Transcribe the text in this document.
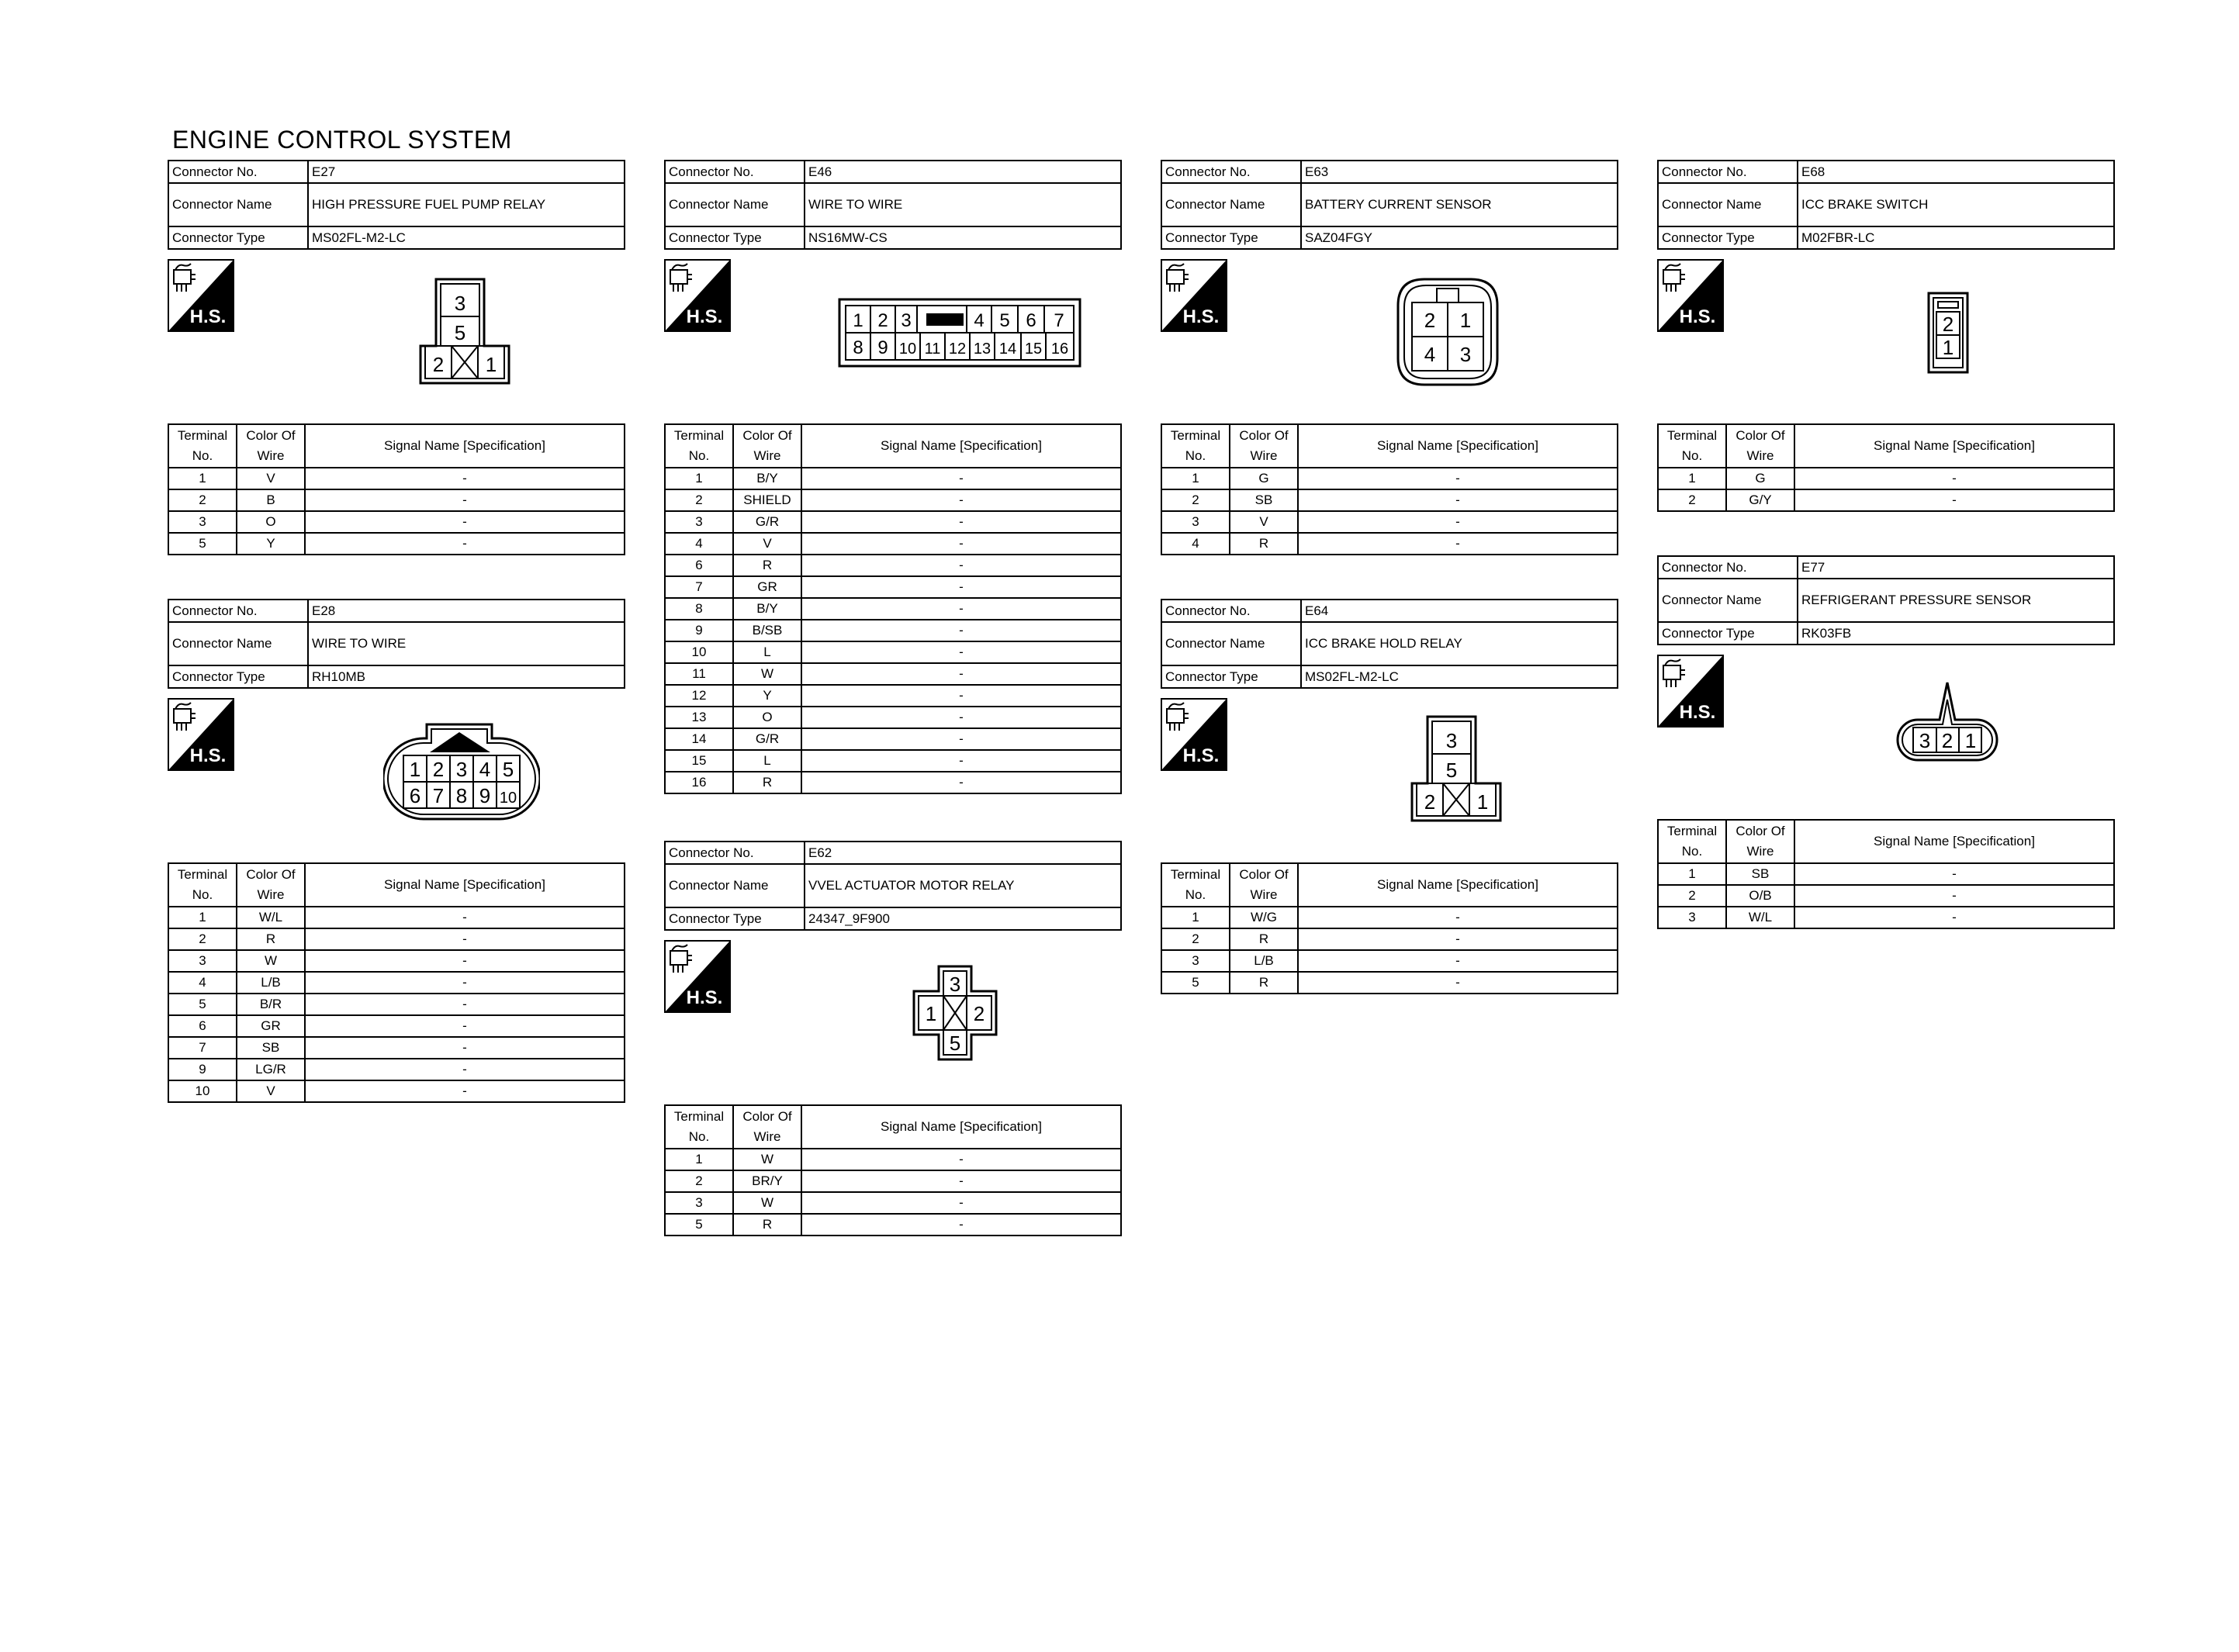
ENGINE CONTROL SYSTEM
Connector No.	E27
Connector Name	HIGH PRESSURE FUEL PUMP RELAY
Connector Type	MS02FL-M2-LC
Terminal No.	Color Of Wire	Signal Name [Specification]
1	V	-
2	B	-
3	O	-
5	Y	-
Connector No.	E28
Connector Name	WIRE TO WIRE
Connector Type	RH10MB
Terminal No.	Color Of Wire	Signal Name [Specification]
1	W/L	-
2	R	-
3	W	-
4	L/B	-
5	B/R	-
6	GR	-
7	SB	-
9	LG/R	-
10	V	-
Connector No.	E46
Connector Name	WIRE TO WIRE
Connector Type	NS16MW-CS
Terminal No.	Color Of Wire	Signal Name [Specification]
1	B/Y	-
2	SHIELD	-
3	G/R	-
4	V	-
6	R	-
7	GR	-
8	B/Y	-
9	B/SB	-
10	L	-
11	W	-
12	Y	-
13	O	-
14	G/R	-
15	L	-
16	R	-
Connector No.	E62
Connector Name	VVEL ACTUATOR MOTOR RELAY
Connector Type	24347_9F900
Terminal No.	Color Of Wire	Signal Name [Specification]
1	W	-
2	BR/Y	-
3	W	-
5	R	-
Connector No.	E63
Connector Name	BATTERY CURRENT SENSOR
Connector Type	SAZ04FGY
Terminal No.	Color Of Wire	Signal Name [Specification]
1	G	-
2	SB	-
3	V	-
4	R	-
Connector No.	E64
Connector Name	ICC BRAKE HOLD RELAY
Connector Type	MS02FL-M2-LC
Terminal No.	Color Of Wire	Signal Name [Specification]
1	W/G	-
2	R	-
3	L/B	-
5	R	-
Connector No.	E68
Connector Name	ICC BRAKE SWITCH
Connector Type	M02FBR-LC
Terminal No.	Color Of Wire	Signal Name [Specification]
1	G	-
2	G/Y	-
Connector No.	E77
Connector Name	REFRIGERANT PRESSURE SENSOR
Connector Type	RK03FB
Terminal No.	Color Of Wire	Signal Name [Specification]
1	SB	-
2	O/B	-
3	W/L	-
3
5
2 1
3
5
2 1
1 2 3 4 5
6 7 8 9 10
1 2 3	4 5 6 7
8 9 10 11 12 13 14 15 16
3
1 2
5
2 1
4 3
2
1
3 2 1
H.S.
H.S.
H.S.
H.S.
H.S.
H.S.
H.S.
H.S.
